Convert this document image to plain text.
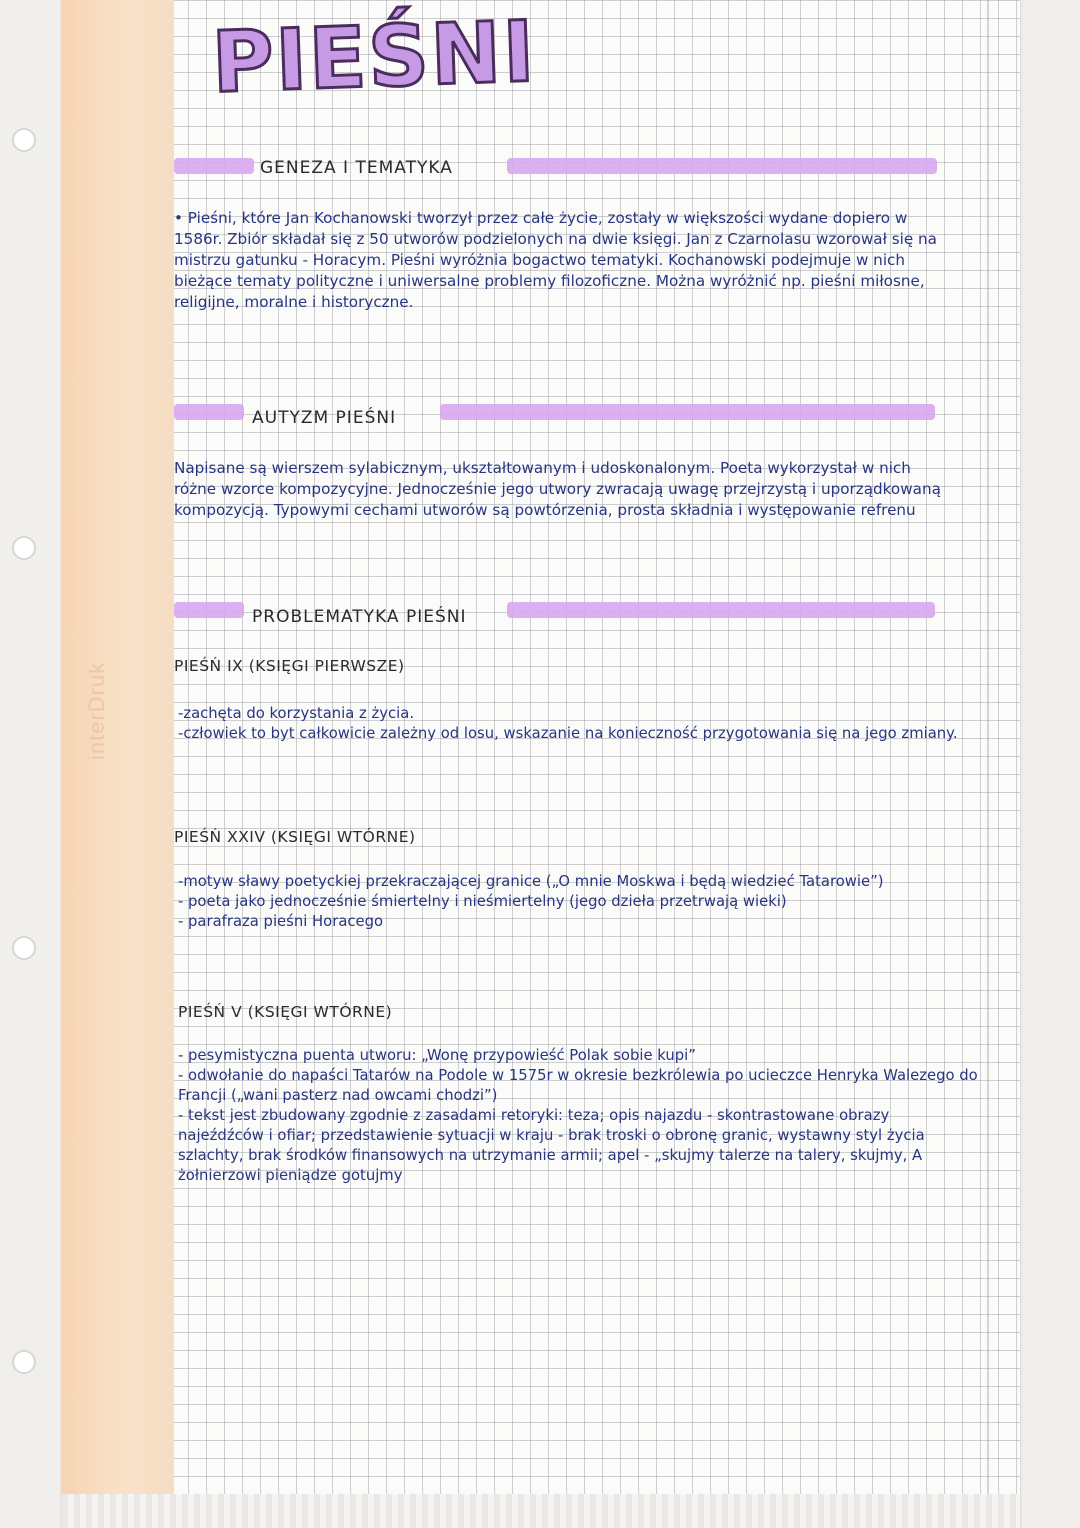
interDruk
PIEŚNI
GENEZA I TEMATYKA

• Pieśni, które Jan Kochanowski tworzył przez całe życie, zostały w większości wydane dopiero w 1586r. Zbiór składał się z 50 utworów podzielonych na dwie księgi. Jan z Czarnolasu wzorował się na mistrzu gatunku - Horacym. Pieśni wyróżnia bogactwo tematyki. Kochanowski podejmuje w nich bieżące tematy polityczne i uniwersalne problemy filozoficzne. Można wyróżnić np. pieśni miłosne, religijne, moralne i historyczne.

AUTYZM PIEŚNI

Napisane są wierszem sylabicznym, ukształtowanym i udoskonalonym. Poeta wykorzystał w nich różne wzorce kompozycyjne. Jednocześnie jego utwory zwracają uwagę przejrzystą i uporządkowaną kompozycją. Typowymi cechami utworów są powtórzenia, prosta składnia i występowanie refrenu

PROBLEMATYKA PIEŚNI
PIEŚŃ IX (KSIĘGI PIERWSZE)
-zachęta do korzystania z życia.
-człowiek to byt całkowicie zależny od losu, wskazanie na konieczność przygotowania się na jego zmiany.
PIEŚŃ XXIV (KSIĘGI WTÓRNE)
-motyw sławy poetyckiej przekraczającej granice („O mnie Moskwa i będą wiedzieć Tatarowie”)
- poeta jako jednocześnie śmiertelny i nieśmiertelny (jego dzieła przetrwają wieki)
- parafraza pieśni Horacego
PIEŚŃ V (KSIĘGI WTÓRNE)
- pesymistyczna puenta utworu: „Wonę przypowieść Polak sobie kupi”
- odwołanie do napaści Tatarów na Podole w 1575r w okresie bezkrólewia po ucieczce Henryka Walezego do Francji („wani pasterz nad owcami chodzi”)
- tekst jest zbudowany zgodnie z zasadami retoryki: teza; opis najazdu - skontrastowane obrazy najeźdźców i ofiar; przedstawienie sytuacji w kraju - brak troski o obronę granic, wystawny styl życia szlachty, brak środków finansowych na utrzymanie armii; apel - „skujmy talerze na talery, skujmy, A żołnierzowi pieniądze gotujmy
